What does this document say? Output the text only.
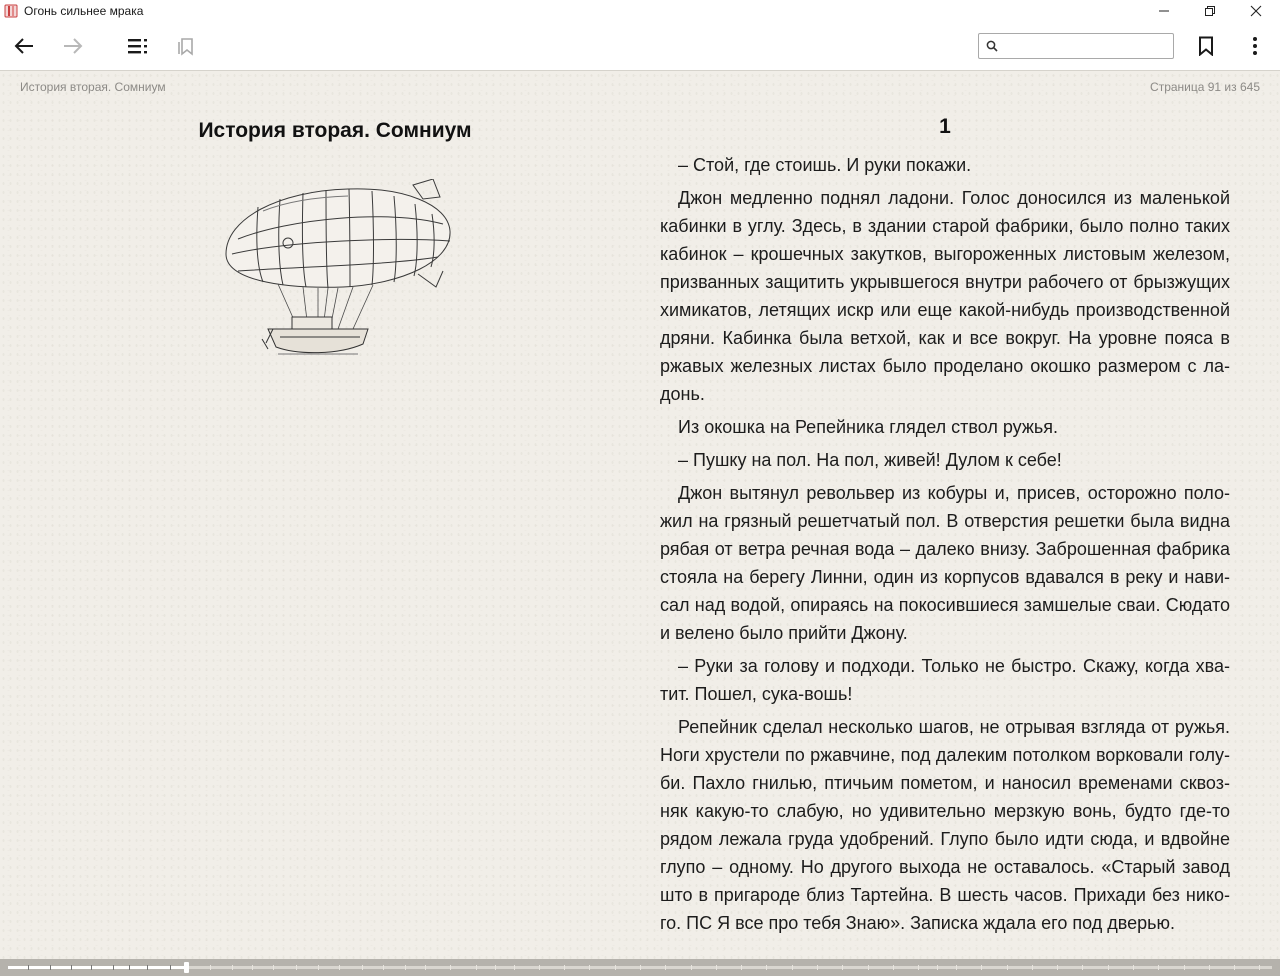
Огонь сильнее мрака
История вторая. Сомниум	Страница 91 из 645
История вторая. Сомниум	1

– Стой, где стоишь. И руки покажи.

Джон медленно поднял ладони. Голос доносился из маленькой кабинки в углу. Здесь, в здании старой фабрики, было полно таких кабинок – крошечных закутков, выгороженных листовым железом, призванных защитить укрывшегося внутри рабочего от брызжущих химикатов, летящих искр или еще какой-нибудь производственной дряни. Кабинка была ветхой, как и все вокруг. На уровне пояса в ржавых железных листах было проделано окошко размером с ладонь.

Из окошка на Репейника глядел ствол ружья.

– Пушку на пол. На пол, живей! Дулом к себе!

Джон вытянул револьвер из кобуры и, присев, осторожно положил на грязный решетчатый пол. В отверстия решетки была видна рябая от ветра речная вода – далеко внизу. Заброшенная фабрика стояла на берегу Линни, один из корпусов вдавался в реку и нависал над водой, опираясь на покосившиеся замшелые сваи. Сюдато и велено было прийти Джону.

– Руки за голову и подходи. Только не быстро. Скажу, когда хватит. Пошел, сука-вошь!

Репейник сделал несколько шагов, не отрывая взгляда от ружья. Ноги хрустели по ржавчине, под далеким потолком ворковали голуби. Пахло гнилью, птичьим пометом, и наносил временами сквозняк какую-то слабую, но удивительно мерзкую вонь, будто где-то рядом лежала груда удобрений. Глупо было идти сюда, и вдвойне глупо – одному. Но другого выхода не оставалось. «Старый завод што в пригароде близ Тартейна. В шесть часов. Прихади без никого. ПС Я все про тебя Знаю». Записка ждала его под дверью.
